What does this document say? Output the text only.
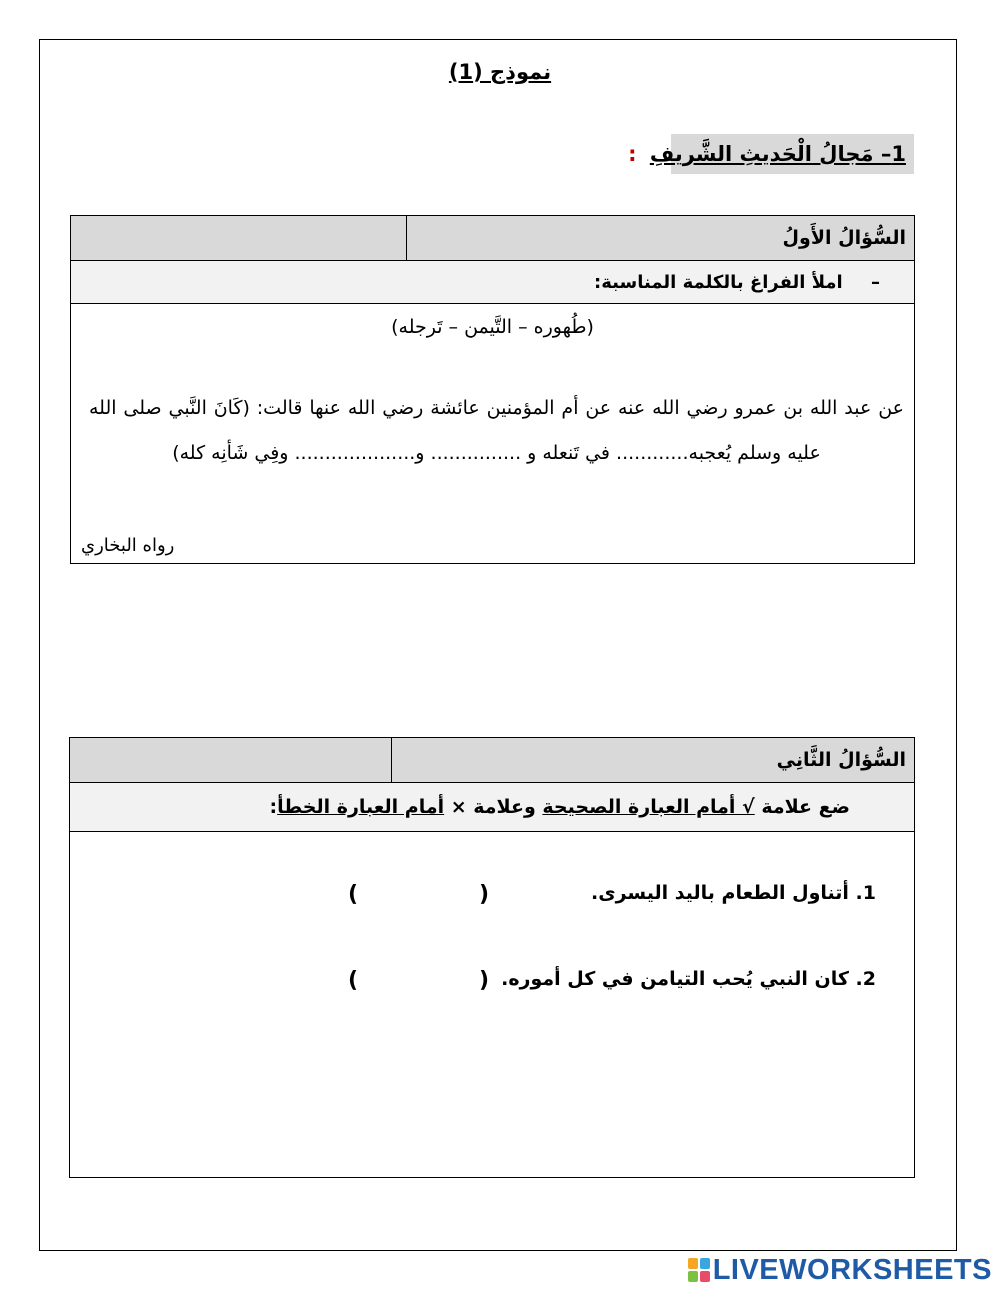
نموذج (1)
1– مَجالُ الْحَديثِ الشَّريفِ :
السُّؤالُ الأَولُ
– املأ الفراغ بالكلمة المناسبة:
(طُهوره – التَّيمن – تَرجله)
عن عبد الله بن عمرو رضي الله عنه عن أم المؤمنين عائشة رضي الله عنها قالت: (كَانَ النَّبي صلى الله عليه وسلم يُعجبه............ في تَنعله و ............... و.................... وفِي شَأنِه كله)
رواه البخاري
السُّؤالُ الثَّانِي
ضع علامة √ أمام العبارة الصحيحة وعلامة × أمام العبارة الخطأ:
1. أتناول الطعام باليد اليسرى.
(
)
2. كان النبي يُحب التيامن في كل أموره.
(
)
LIVEWORKSHEETS
